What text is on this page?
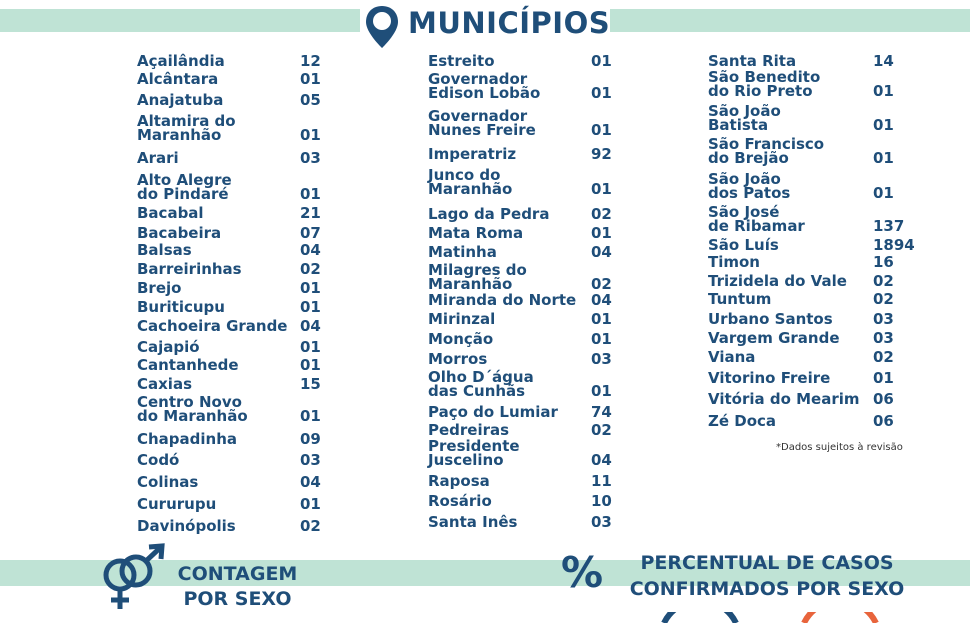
MUNICÍPIOS
Açailândia	12
Alcântara	01
Anajatuba	05
Altamira do
Maranhão	01
Arari	03
Alto Alegre
do Pindaré	01
Bacabal	21
Bacabeira	07
Balsas	04
Barreirinhas	02
Brejo	01
Buriticupu	01
Cachoeira Grande 04
Cajapió	01
Cantanhede	01
Caxias	15
Centro Novo
do Maranhão	01
Chapadinha	09
Codó	03
Colinas	04
Cururupu	01
Davinópolis	02
Estreito	01
Governador
Edison Lobão	01
Governador
Nunes Freire	01
Imperatriz	92
Junco do
Maranhão	01
Lago da Pedra	02
Mata Roma	01
Matinha	04
Milagres do
Maranhão	02
Miranda do Norte 04
Mirinzal	01
Monção	01
Morros	03
Olho D´água
das Cunhãs	01
Paço do Lumiar 74
Pedreiras	02
Presidente
Juscelino	04
Raposa	11
Rosário	10
Santa Inês	03
Santa Rita	14
São Benedito
do Rio Preto	01
São João
Batista	01
São Francisco
do Brejão	01
São João
dos Patos	01
São José
de Ribamar	137
São Luís	1894
Timon	16
Trizidela do Vale 02
Tuntum	02
Urbano Santos	03
Vargem Grande 03
Viana	02
Vitorino Freire	01
Vitória do Mearim 06
Zé Doca	06
*Dados sujeitos à revisão
CONTAGEM
POR SEXO
%	PERCENTUAL DE CASOS
CONFIRMADOS POR SEXO
